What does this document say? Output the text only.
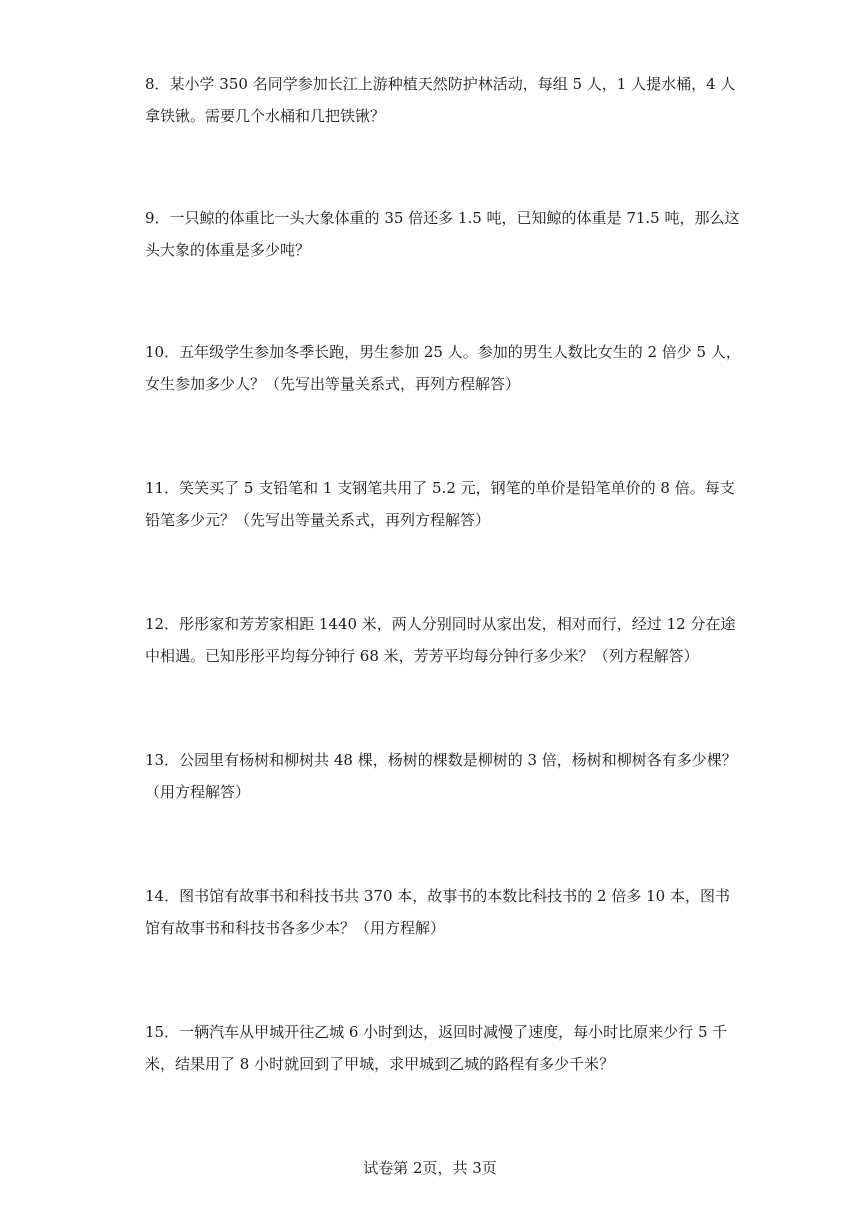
8．某小学 350 名同学参加长江上游种植天然防护林活动，每组 5 人，1 人提水桶，4 人
拿铁锹。需要几个水桶和几把铁锹？
9．一只鲸的体重比一头大象体重的 35 倍还多 1.5 吨，已知鲸的体重是 71.5 吨，那么这
头大象的体重是多少吨？
10．五年级学生参加冬季长跑，男生参加 25 人。参加的男生人数比女生的 2 倍少 5 人，
女生参加多少人？（先写出等量关系式，再列方程解答）
11．笑笑买了 5 支铅笔和 1 支钢笔共用了 5.2 元，钢笔的单价是铅笔单价的 8 倍。每支
铅笔多少元？（先写出等量关系式，再列方程解答）
12．彤彤家和芳芳家相距 1440 米，两人分别同时从家出发，相对而行，经过 12 分在途
中相遇。已知彤彤平均每分钟行 68 米，芳芳平均每分钟行多少米？（列方程解答）
13．公园里有杨树和柳树共 48 棵，杨树的棵数是柳树的 3 倍，杨树和柳树各有多少棵？
（用方程解答）
14．图书馆有故事书和科技书共 370 本，故事书的本数比科技书的 2 倍多 10 本，图书
馆有故事书和科技书各多少本？（用方程解）
15．一辆汽车从甲城开往乙城 6 小时到达，返回时减慢了速度，每小时比原来少行 5 千
米，结果用了 8 小时就回到了甲城，求甲城到乙城的路程有多少千米？
试卷第 2页，共 3页
